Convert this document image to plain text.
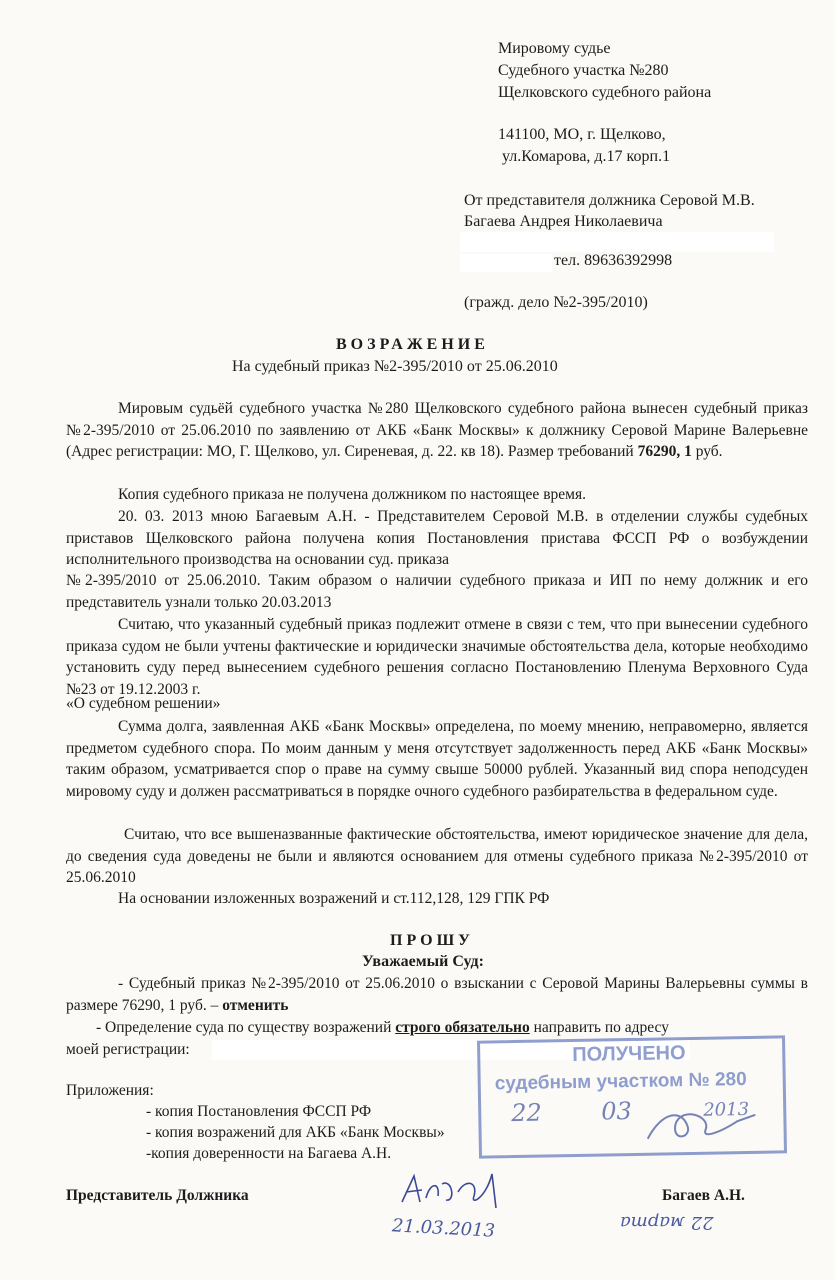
Мировому судье
Судебного участка №280
Щелковского судебного района
141100, МО, г. Щелково,
ул.Комарова, д.17 корп.1
От представителя должника Серовой М.В.
Багаева Андрея Николаевича
тел. 89636392998
(гражд. дело №2-395/2010)
ВОЗРАЖЕНИЕ
На судебный приказ №2-395/2010 от 25.06.2010
Мировым судьёй судебного участка №280 Щелковского судебного района вынесен судебный приказ №2-395/2010 от 25.06.2010 по заявлению от АКБ «Банк Москвы» к должнику Серовой Марине Валерьевне (Адрес регистрации: МО, Г. Щелково, ул. Сиреневая, д. 22. кв 18). Размер требований 76290, 1 руб.
Копия судебного приказа не получена должником по настоящее время.
20. 03. 2013 мною Багаевым А.Н. - Представителем Серовой М.В. в отделении службы судебных приставов Щелковского района получена копия Постановления пристава ФССП РФ о возбуждении исполнительного производства на основании суд. приказа
№2-395/2010 от 25.06.2010. Таким образом о наличии судебного приказа и ИП по нему должник и его представитель узнали только 20.03.2013
Считаю, что указанный судебный приказ подлежит отмене в связи с тем, что при вынесении судебного приказа судом не были учтены фактические и юридически значимые обстоятельства дела, которые необходимо установить суду перед вынесением судебного решения согласно Постановлению Пленума Верховного Суда №23 от 19.12.2003 г.
«О судебном решении»
Сумма долга, заявленная АКБ «Банк Москвы» определена, по моему мнению, неправомерно, является предметом судебного спора. По моим данным у меня отсутствует задолженность перед АКБ «Банк Москвы» таким образом, усматривается спор о праве на сумму свыше 50000 рублей. Указанный вид спора неподсуден мировому суду и должен рассматриваться в порядке очного судебного разбирательства в федеральном суде.
Считаю, что все вышеназванные фактические обстоятельства, имеют юридическое значение для дела, до сведения суда доведены не были и являются основанием для отмены судебного приказа №2-395/2010 от 25.06.2010
На основании изложенных возражений и ст.112,128, 129 ГПК РФ
ПРОШУ
Уважаемый Суд:
- Судебный приказ №2-395/2010 от 25.06.2010 о взыскании с Серовой Марины Валерьевны суммы в размере 76290, 1 руб. – отменить
- Определение суда по существу возражений строго обязательно направить по адресу
моей регистрации:	ПОЛУЧЕНО
судебным участком № 280
22 03	2013
Приложения:
- копия Постановления ФССП РФ
- копия возражений для АКБ «Банк Москвы»
-копия доверенности на Багаева А.Н.
Представитель Должника	Багаев А.Н.
21.03.2013	22 марта
